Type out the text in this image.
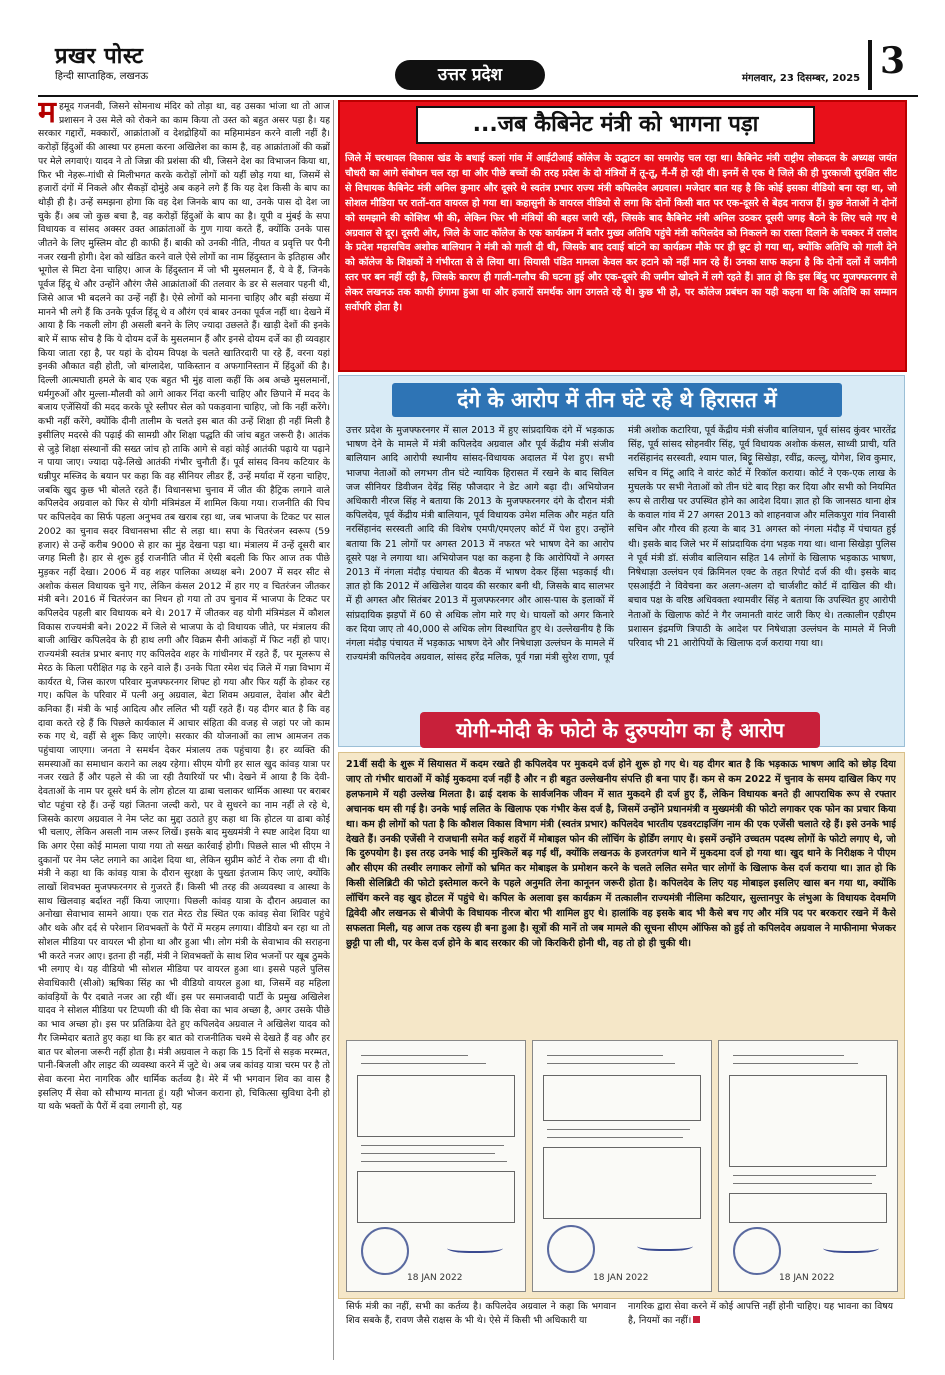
प्रखर पोस्ट
हिन्दी साप्ताहिक, लखनऊ	उत्तर प्रदेश	मंगलवार, 23 दिसम्बर, 2025 3
महमूद गजनवी, जिसने सोमनाथ मंदिर को तोड़ा था, वह उसका भांजा था तो आज प्रशासन ने उस मेले को रोकने का काम किया तो उस्त को बहुत असर पड़ा है। यह सरकार गद्दारों, मक्कारों, आक्रांताओं व देशद्रोहियों का महिमामंडन करने वाली नहीं है। करोड़ों हिंदुओं की आस्था पर हमला करना अखिलेश का काम है, वह आक्रांताओं की कब्रों पर मेले लगवाएं। यादव ने तो जिन्ना की प्रशंसा की थी, जिसने देश का विभाजन किया था, फिर भी नेहरू-गांधी से मिलीभगत करके करोड़ों लोगों को यहीं छोड़ गया था, जिसमें से हजारों दंगों में निकले और सैकड़ों दोमुंहे अब कहने लगे हैं कि यह देश किसी के बाप का थोड़ी ही है। उन्हें समझना होगा कि वह देश जिनके बाप का था, उनके पास दो देश जा चुके हैं। अब जो कुछ बचा है, वह करोड़ों हिंदुओं के बाप का है। यूपी व मुंबई के सपा विधायक व सांसद अक्सर उक्त आक्रांताओं के गुण गाया करते हैं, क्योंकि उनके पास जीतने के लिए मुस्लिम वोट ही काफी हैं। बाकी को उनकी नीति, नीयत व प्रवृत्ति पर पैनी नजर रखनी होगी। देश को खंडित करने वाले ऐसे लोगों का नाम हिंदुस्तान के इतिहास और भूगोल से मिटा देना चाहिए। आज के हिंदुस्तान में जो भी मुसलमान हैं, ये वे हैं, जिनके पूर्वज हिंदू थे और उन्होंने औरंग जैसे आक्रांताओं की तलवार के डर से सलवार पहनी थी, जिसे आज भी बदलने का उन्हें नहीं है। ऐसे लोगों को मानना चाहिए और बड़ी संख्या में मानने भी लगे हैं कि उनके पूर्वज हिंदू थे व औरंग एवं बाबर उनका पूर्वज नहीं था। देखने में आया है कि नकली लोग ही असली बनने के लिए ज्यादा उछलते हैं। खाड़ी देशों की इनके बारे में साफ सोच है कि ये दोयम दर्जे के मुसलमान हैं और इनसे दोयम दर्जे का ही व्यवहार किया जाता रहा है, पर यहां के दोयम विपक्ष के चलते खातिरदारी पा रहे हैं, वरना यहां इनकी औकात वही होती, जो बांग्लादेश, पाकिस्तान व अफगानिस्तान में हिंदुओं की है। दिल्ली आत्मघाती हमले के बाद एक बहुत भी मुंह वाला कहीं कि अब अच्छे मुसलमानों, धर्मगुरुओं और मुल्ला-मौलवी को आगे आकर निंदा करनी चाहिए और छिपाने में मदद के बजाय एजेंसियों की मदद करके पूरे स्लीपर सेल को पकड़वाना चाहिए, जो कि नहीं करेंगे। कभी नहीं करेंगे, क्योंकि दीनी तालीम के चलते इस बात की उन्हें शिक्षा ही नहीं मिली है इसीलिए मदरसे की पढ़ाई की सामग्री और शिक्षा पद्धति की जांच बहुत जरूरी है। आतंक से जुड़े शिक्षा संस्थानों की सख्त जांच हो ताकि आगे से वहां कोई आतंकी पढ़ाये या पढ़ाने न पाया जाए। ज्यादा पढ़े-लिखे आतंकी गंभीर चुनौती हैं। पूर्व सांसद विनय कटियार के धन्नीपुर मस्जिद के बयान पर कहा कि वह सीनियर लीडर हैं, उन्हें मर्यादा में रहना चाहिए, जबकि खुद कुछ भी बोलते रहते हैं। विधानसभा चुनाव में जीत की हैट्रिक लगाने वाले कपिलदेव अग्रवाल को फिर से योगी मंत्रिमंडल में शामिल किया गया। राजनीति की पिच पर कपिलदेव का सिर्फ पहला अनुभव तब खराब रहा था, जब भाजपा के टिकट पर साल 2002 का चुनाव सदर विधानसभा सीट से लड़ा था। सपा के चितरंजन स्वरूप (59 हजार) से उन्हें करीब 9000 से हार का मुंह देखना पड़ा था। मंत्रालय में उन्हें दूसरी बार जगह मिली है। हार से शुरू हुई राजनीति जीत में ऐसी बदली कि फिर आज तक पीछे मुड़कर नहीं देखा। 2006 में वह शहर पालिका अध्यक्ष बने। 2007 में सदर सीट से अशोक कंसल विधायक चुने गए, लेकिन कंसल 2012 में हार गए व चितरंजन जीतकर मंत्री बने। 2016 में चितरंजन का निधन हो गया तो उप चुनाव में भाजपा के टिकट पर कपिलदेव पहली बार विधायक बने थे। 2017 में जीतकर वह योगी मंत्रिमंडल में कौशल विकास राज्यमंत्री बने। 2022 में जिले से भाजपा के दो विधायक जीते, पर मंत्रालय की बाजी आखिर कपिलदेव के ही हाथ लगी और विक्रम सैनी आंकड़ों में फिट नहीं हो पाए। राज्यमंत्री स्वतंत्र प्रभार बनाए गए कपिलदेव शहर के गांधीनगर में रहते हैं, पर मूलरूप से मेरठ के किला परीक्षित गढ़ के रहने वाले हैं। उनके पिता रमेश चंद जिले में गन्ना विभाग में कार्यरत थे, जिस कारण परिवार मुजफ्फरनगर शिफ्ट हो गया और फिर यहीं के होकर रह गए। कपिल के परिवार में पत्नी अनु अग्रवाल, बेटा शिवम अग्रवाल, देवांश और बेटी कनिका हैं। मंत्री के भाई आदित्य और ललित भी यहीं रहते हैं। यह दीगर बात है कि वह दावा करते रहे हैं कि पिछले कार्यकाल में आचार संहिता की वजह से जहां पर जो काम रुक गए थे, वहीं से शुरू किए जाएंगे। सरकार की योजनाओं का लाभ आमजन तक पहुंचाया जाएगा। जनता ने समर्थन देकर मंत्रालय तक पहुंचाया है। हर व्यक्ति की समस्याओं का समाधान कराने का लक्ष्य रहेगा। सीएम योगी हर साल खुद कांवड़ यात्रा पर नजर रखते हैं और पहले से की जा रही तैयारियों पर भी। देखने में आया है कि देवी-देवताओं के नाम पर दूसरे धर्म के लोग होटल या ढाबा चलाकर धार्मिक आस्था पर बराबर चोट पहुंचा रहे हैं। उन्हें यहां जितना जल्दी करो, पर वे सुधरने का नाम नहीं ले रहे थे, जिसके कारण अग्रवाल ने नेम प्लेट का मुद्दा उठाते हुए कहा था कि होटल या ढाबा कोई भी चलाए, लेकिन असली नाम जरूर लिखें। इसके बाद मुख्यमंत्री ने स्पष्ट आदेश दिया था कि अगर ऐसा कोई मामला पाया गया तो सख्त कार्रवाई होगी। पिछले साल भी सीएम ने दुकानों पर नेम प्लेट लगाने का आदेश दिया था, लेकिन सुप्रीम कोर्ट ने रोक लगा दी थी। मंत्री ने कहा था कि कांवड़ यात्रा के दौरान सुरक्षा के पुख्ता इंतजाम किए जाएं, क्योंकि लाखों शिवभक्त मुजफ्फरनगर से गुजरते हैं। किसी भी तरह की अव्यवस्था व आस्था के साथ खिलवाड़ बर्दाश्त नहीं किया जाएगा। पिछली कांवड़ यात्रा के दौरान अग्रवाल का अनोखा सेवाभाव सामने आया। एक रात मेरठ रोड स्थित एक कांवड़ सेवा शिविर पहुंचे और थके और दर्द से परेशान शिवभक्तों के पैरों में मरहम लगाया। वीडियो बन रहा था तो सोशल मीडिया पर वायरल भी होना था और हुआ भी। लोग मंत्री के सेवाभाव की सराहना भी करते नजर आए। इतना ही नहीं, मंत्री ने शिवभक्तों के साथ शिव भजनों पर खूब ठुमके भी लगाए थे। यह वीडियो भी सोशल मीडिया पर वायरल हुआ था। इससे पहले पुलिस सेवाधिकारी (सीओ) ऋषिका सिंह का भी वीडियो वायरल हुआ था, जिसमें वह महिला कांवड़ियों के पैर दबाते नजर आ रही थीं। इस पर समाजवादी पार्टी के प्रमुख अखिलेश यादव ने सोशल मीडिया पर टिप्पणी की थी कि सेवा का भाव अच्छा है, अगर उसके पीछे का भाव अच्छा हो। इस पर प्रतिक्रिया देते हुए कपिलदेव अग्रवाल ने अखिलेश यादव को गैर जिम्मेदार बताते हुए कहा था कि हर बात को राजनीतिक चश्मे से देखते हैं वह और हर बात पर बोलना जरूरी नहीं होता है। मंत्री अग्रवाल ने कहा कि 15 दिनों से सड़क मरम्मत, पानी-बिजली और लाइट की व्यवस्था करने में जुटे थे। अब जब कांवड़ यात्रा चरम पर है तो सेवा करना मेरा नागरिक और धार्मिक कर्तव्य है। मेरे में भी भगवान शिव का वास है इसलिए मैं सेवा को सौभाग्य मानता हूं। यही भोजन कराना हो, चिकित्सा सुविधा देनी हो या थके भक्तों के पैरों में दवा लगानी हो, यह
...जब कैबिनेट मंत्री को भागना पड़ा
जिले में चरथावल विकास खंड के बधाई कलां गांव में आईटीआई कॉलेज के उद्घाटन का समारोह चल रहा था। कैबिनेट मंत्री राष्ट्रीय लोकदल के अध्यक्ष जयंत चौधरी का आगे संबोधन चल रहा था और पीछे बच्चों की तरह प्रदेश के दो मंत्रियों में तू-तू, मैं-मैं हो रही थी। इनमें से एक थे जिले की ही पुरकाजी सुरक्षित सीट से विधायक कैबिनेट मंत्री अनिल कुमार और दूसरे थे स्वतंत्र प्रभार राज्य मंत्री कपिलदेव अग्रवाल। मजेदार बात यह है कि कोई इसका वीडियो बना रहा था, जो सोशल मीडिया पर रातों-रात वायरल हो गया था। कहासुनी के वायरल वीडियो से लगा कि दोनों किसी बात पर एक-दूसरे से बेहद नाराज हैं। कुछ नेताओं ने दोनों को समझाने की कोशिश भी की, लेकिन फिर भी मंत्रियों की बहस जारी रही, जिसके बाद कैबिनेट मंत्री अनिल उठकर दूसरी जगह बैठने के लिए चले गए थे अग्रवाल से दूर। दूसरी ओर, जिले के जाट कॉलेज के एक कार्यक्रम में बतौर मुख्य अतिथि पहुंचे मंत्री कपिलदेव को निकलने का रास्ता दिलाने के चक्कर में रालोद के प्रदेश महासचिव अशोक बालियान ने मंत्री को गाली दी थी, जिसके बाद दवाई बांटने का कार्यक्रम मौके पर ही छूट हो गया था, क्योंकि अतिथि को गाली देने को कॉलेज के शिक्षकों ने गंभीरता से ले लिया था। सियासी पंडित मामला केवल कर हटाने को नहीं मान रहे हैं। उनका साफ कहना है कि दोनों दलों में जमीनी स्तर पर बन नहीं रही है, जिसके कारण ही गाली-गलौच की घटना हुई और एक-दूसरे की जमीन खोदने में लगे रहते हैं। ज्ञात हो कि इस बिंदु पर मुजफ्फरनगर से लेकर लखनऊ तक काफी हंगामा हुआ था और हजारों समर्थक आग उगलते रहे थे। कुछ भी हो, पर कॉलेज प्रबंधन का यही कहना था कि अतिथि का सम्मान सर्वोपरि होता है।
दंगे के आरोप में तीन घंटे रहे थे हिरासत में
उत्तर प्रदेश के मुजफ्फरनगर में साल 2013 में हुए सांप्रदायिक दंगे में भड़काऊ भाषण देने के मामले में मंत्री कपिलदेव अग्रवाल और पूर्व केंद्रीय मंत्री संजीव बालियान आदि आरोपी स्थानीय सांसद-विधायक अदालत में पेश हुए। सभी भाजपा नेताओं को लगभग तीन घंटे न्यायिक हिरासत में रखने के बाद सिविल जज सीनियर डिवीजन देवेंद्र सिंह फौजदार ने डेट आगे बढ़ा दी। अभियोजन अधिकारी नीरज सिंह ने बताया कि 2013 के मुजफ्फरनगर दंगे के दौरान मंत्री कपिलदेव, पूर्व केंद्रीय मंत्री बालियान, पूर्व विधायक उमेश मलिक और महंत यति नरसिंहानंद सरस्वती आदि की विशेष एमपी/एमएलए कोर्ट में पेश हुए। उन्होंने बताया कि 21 लोगों पर अगस्त 2013 में नफरत भरे भाषण देने का आरोप दूसरे पक्ष ने लगाया था। अभियोजन पक्ष का कहना है कि आरोपियों ने अगस्त 2013 में नंगला मंदौड़ पंचायत की बैठक में भाषण देकर हिंसा भड़काई थी। ज्ञात हो कि 2012 में अखिलेश यादव की सरकार बनी थी, जिसके बाद सालभर में ही अगस्त और सितंबर 2013 में मुजफ्फरनगर और आस-पास के इलाकों में सांप्रदायिक झड़पों में 60 से अधिक लोग मारे गए थे। घायलों को अगर किनारे कर दिया जाए तो 40,000 से अधिक लोग विस्थापित हुए थे। उल्लेखनीय है कि नंगला मंदौड़ पंचायत में भड़काऊ भाषण देने और निषेधाज्ञा उल्लंघन के मामले में राज्यमंत्री कपिलदेव अग्रवाल, सांसद हरेंद्र मलिक, पूर्व गन्ना मंत्री सुरेश राणा, पूर्व मंत्री अशोक कटारिया, पूर्व केंद्रीय मंत्री संजीव बालियान, पूर्व सांसद कुंवर भारतेंद्र सिंह, पूर्व सांसद सोहनवीर सिंह, पूर्व विधायक अशोक कंसल, साध्वी प्राची, यति नरसिंहानंद सरस्वती, श्याम पाल, बिट्टू सिखेड़ा, रवींद्र, कल्लू, योगेश, शिव कुमार, सचिन व मिंटू आदि ने वारंट कोर्ट में रिकॉल कराया। कोर्ट ने एक-एक लाख के मुचलके पर सभी नेताओं को तीन घंटे बाद रिहा कर दिया और सभी को नियमित रूप से तारीख पर उपस्थित होने का आदेश दिया। ज्ञात हो कि जानसठ थाना क्षेत्र के कवाल गांव में 27 अगस्त 2013 को शाहनवाज और मलिकपुरा गांव निवासी सचिन और गौरव की हत्या के बाद 31 अगस्त को नंगला मंदौड़ में पंचायत हुई थी। इसके बाद जिले भर में सांप्रदायिक दंगा भड़क गया था। थाना सिखेड़ा पुलिस ने पूर्व मंत्री डॉ. संजीव बालियान सहित 14 लोगों के खिलाफ भड़काऊ भाषण, निषेधाज्ञा उल्लंघन एवं क्रिमिनल एक्ट के तहत रिपोर्ट दर्ज की थी। इसके बाद एसआईटी ने विवेचना कर अलग-अलग दो चार्जशीट कोर्ट में दाखिल की थी। बचाव पक्ष के वरिष्ठ अधिवक्ता श्यामवीर सिंह ने बताया कि उपस्थित हुए आरोपी नेताओं के खिलाफ कोर्ट ने गैर जमानती वारंट जारी किए थे। तत्कालीन एडीएम प्रशासन इंद्रमणि त्रिपाठी के आदेश पर निषेधाज्ञा उल्लंघन के मामले में निजी परिवाद भी 21 आरोपियों के खिलाफ दर्ज कराया गया था।
योगी-मोदी के फोटो के दुरुपयोग का है आरोप
21वीं सदी के शुरू में सियासत में कदम रखते ही कपिलदेव पर मुकदमे दर्ज होने शुरू हो गए थे। यह दीगर बात है कि भड़काऊ भाषण आदि को छोड़ दिया जाए तो गंभीर धाराओं में कोई मुकदमा दर्ज नहीं है और न ही बहुत उल्लेखनीय संपत्ति ही बना पाए हैं। कम से कम 2022 में चुनाव के समय दाखिल किए गए हलफनामे में यही उल्लेख मिलता है। ढाई दशक के सार्वजनिक जीवन में सात मुकदमे ही दर्ज हुए हैं, लेकिन विधायक बनते ही आपराधिक रूप से रफ्तार अचानक थम सी गई है। उनके भाई ललित के खिलाफ एक गंभीर केस दर्ज है, जिसमें उन्होंने प्रधानमंत्री व मुख्यमंत्री की फोटो लगाकर एक फोन का प्रचार किया था। कम ही लोगों को पता है कि कौशल विकास विभाग मंत्री (स्वतंत्र प्रभार) कपिलदेव भारतीय एडवरटाइजिंग नाम की एक एजेंसी चलाते रहे हैं। इसे उनके भाई देखते हैं। उनकी एजेंसी ने राजधानी समेत कई शहरों में मोबाइल फोन की लॉचिंग के होर्डिंग लगाए थे। इसमें उन्होंने उच्चतम पदस्थ लोगों के फोटो लगाए थे, जो कि दुरुपयोग है। इस तरह उनके भाई की मुश्किलें बढ़ गईं थीं, क्योंकि लखनऊ के हजरतगंज थाने में मुकदमा दर्ज हो गया था। खुद थाने के निरीक्षक ने पीएम और सीएम की तस्वीर लगाकर लोगों को भ्रमित कर मोबाइल के प्रमोशन करने के चलते ललित समेत चार लोगों के खिलाफ केस दर्ज कराया था। ज्ञात हो कि किसी सेलिब्रिटी की फोटो इस्तेमाल करने के पहले अनुमति लेना कानूनन जरूरी होता है। कपिलदेव के लिए यह मोबाइल इसलिए खास बन गया था, क्योंकि लॉचिंग करने वह खुद होटल में पहुंचे थे। कपिल के अलावा इस कार्यक्रम में तत्कालीन राज्यमंत्री नीलिमा कटियार, सुल्तानपुर के लंभुआ के विधायक देवमणि द्विवेदी और लखनऊ से बीजेपी के विधायक नीरज बोरा भी शामिल हुए थे। हालांकि वह इसके बाद भी कैसे बच गए और मंत्रि पद पर बरकरार रखने में कैसे सफलता मिली, यह आज तक रहस्य ही बना हुआ है। सूत्रों की मानें तो जब मामले की सूचना सीएम ऑफिस को हुई तो कपिलदेव अग्रवाल ने माफीनामा भेजकर छुट्टी पा ली थी, पर केस दर्ज होने के बाद सरकार की जो किरकिरी होनी थी, वह तो हो ही चुकी थी।
18 JAN 2022	18 JAN 2022	18 JAN 2022
सिर्फ मंत्री का नहीं, सभी का कर्तव्य है। कपिलदेव अग्रवाल ने कहा कि भगवान शिव सबके हैं, रावण जैसे राक्षस के भी थे। ऐसे में किसी भी अधिकारी या
नागरिक द्वारा सेवा करने में कोई आपत्ति नहीं होनी चाहिए। यह भावना का विषय है, नियमों का नहीं।
